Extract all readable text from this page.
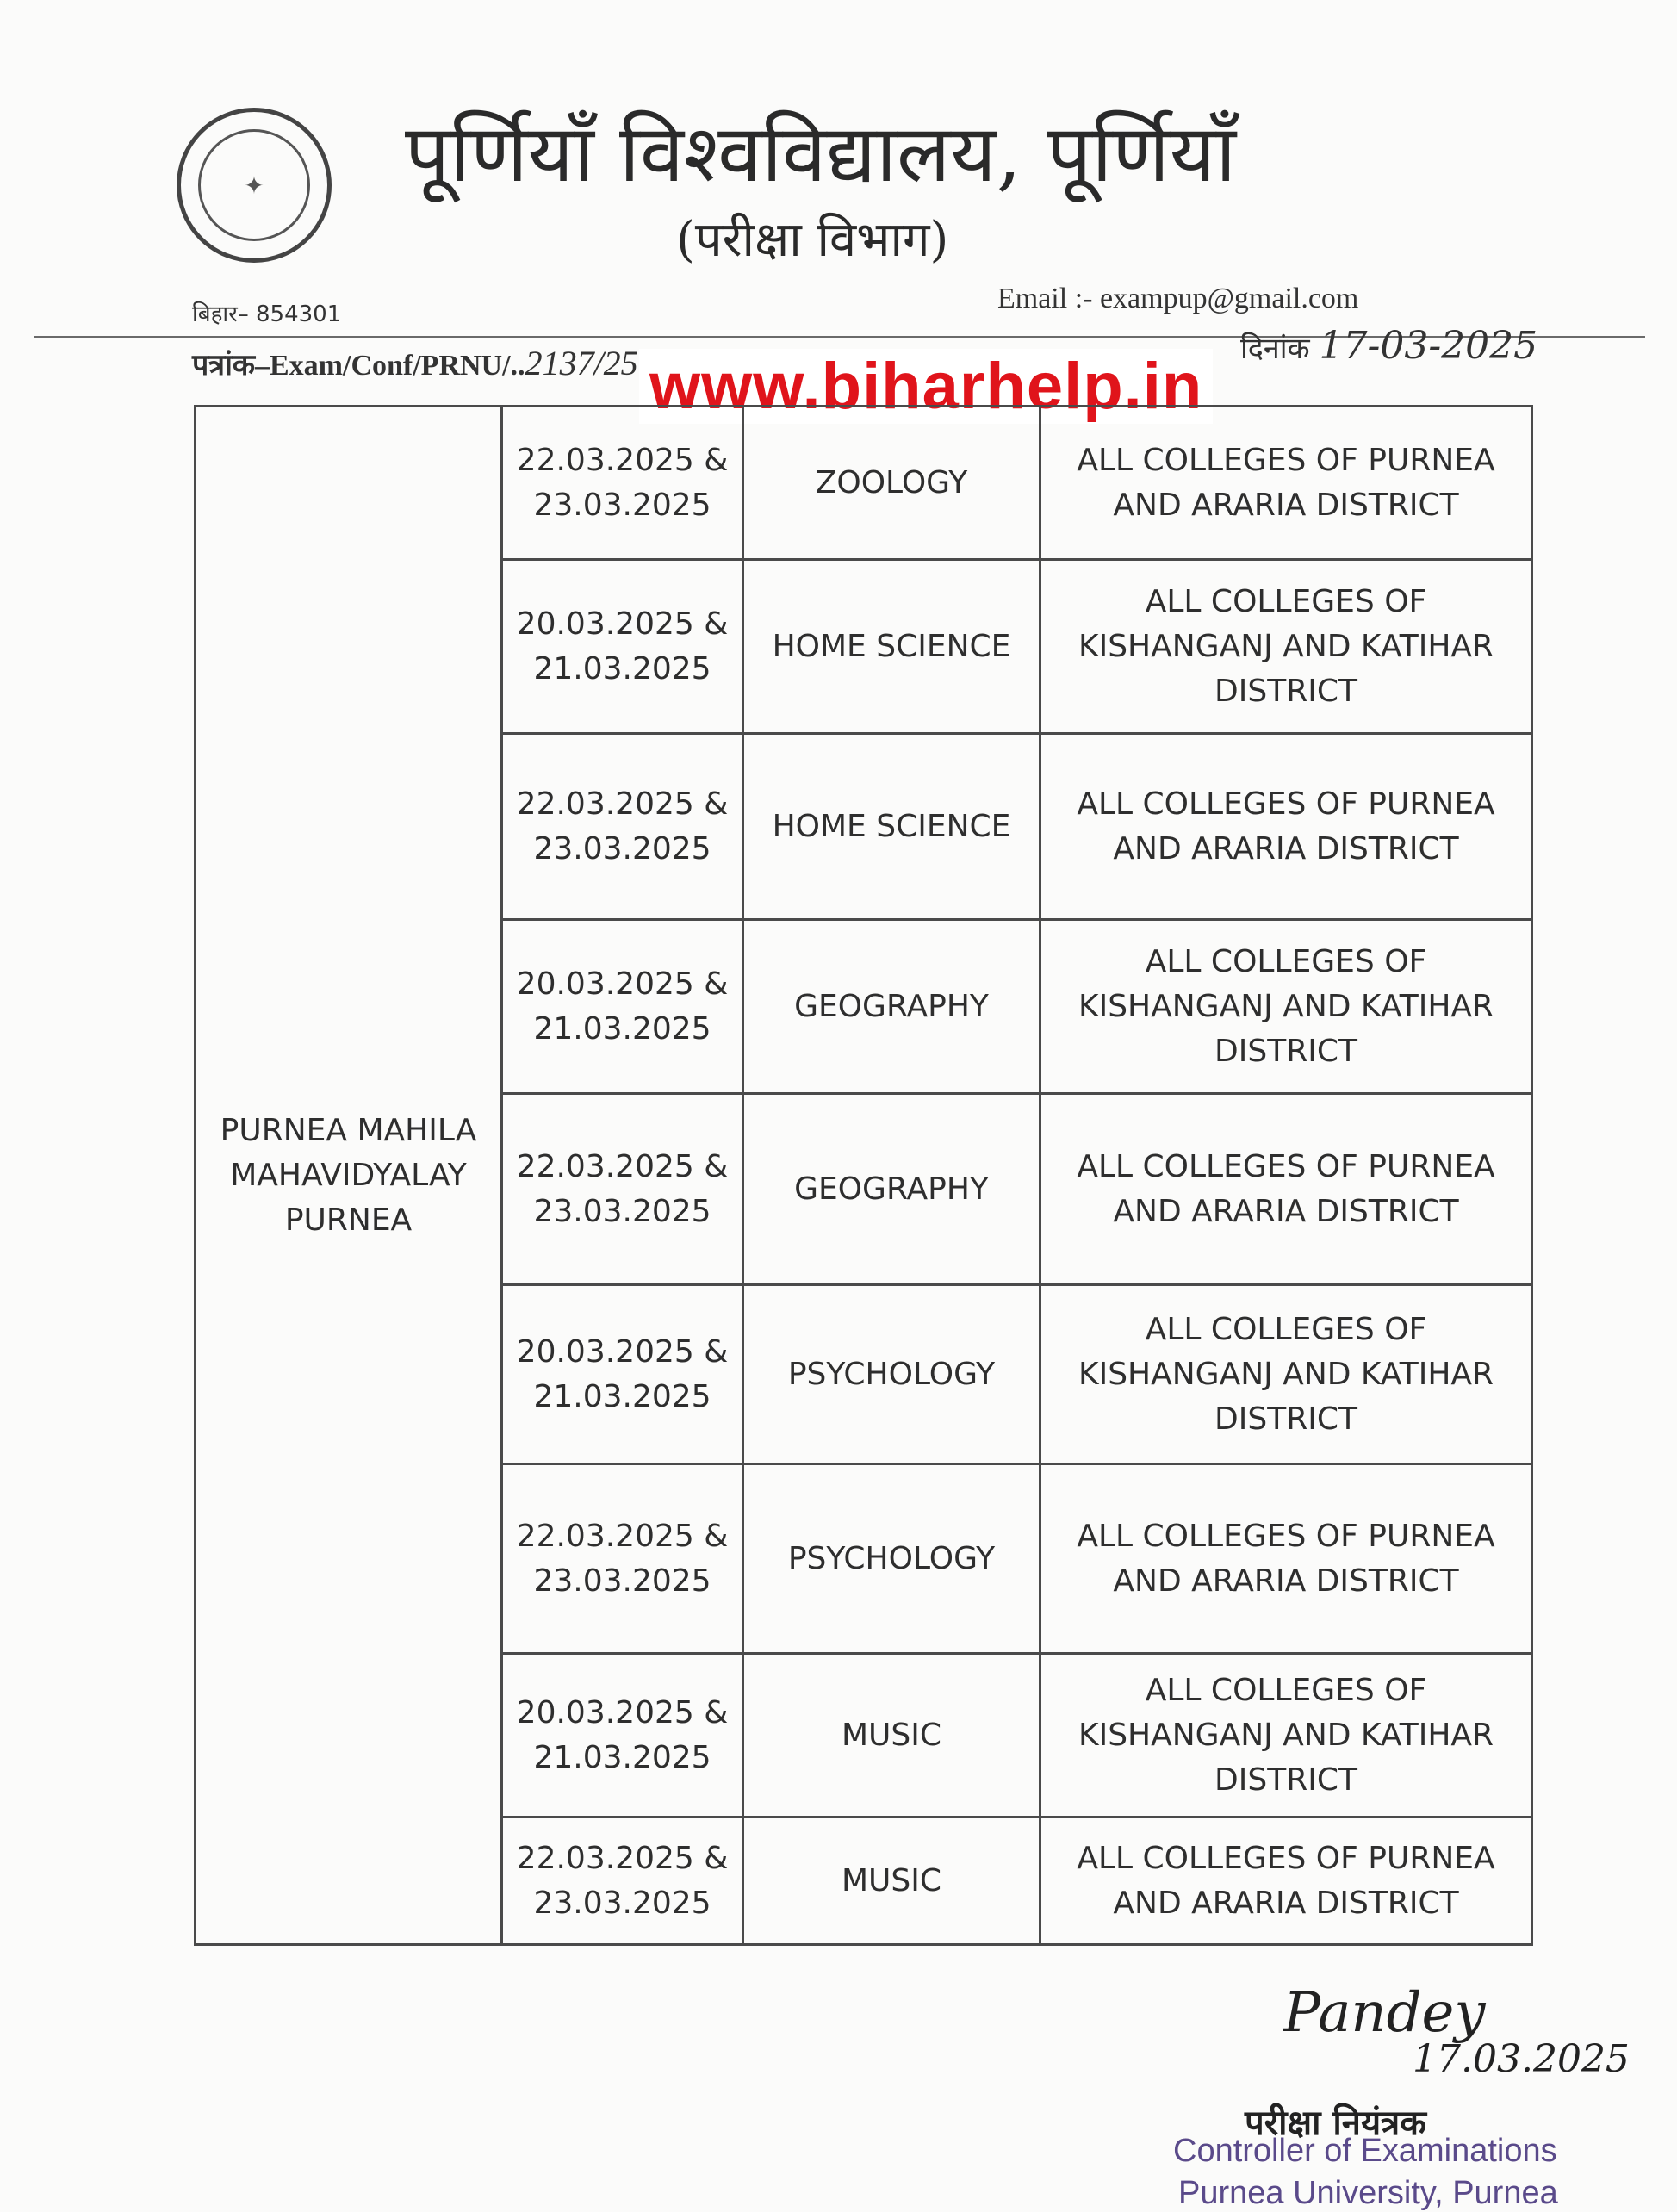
✦	पूर्णियाँ विश्वविद्यालय, पूर्णियाँ
(परीक्षा विभाग)
बिहार– 854301	Email :- exampup@gmail.com
पत्रांक–Exam/Conf/PRNU/..2137/25	दिनांक 17-03-2025
www.biharhelp.in
PURNEA MAHILA MAHAVIDYALAY PURNEA	22.03.2025 & 23.03.2025	ZOOLOGY	ALL COLLEGES OF PURNEA AND ARARIA DISTRICT
	20.03.2025 & 21.03.2025	HOME SCIENCE	ALL COLLEGES OF KISHANGANJ AND KATIHAR DISTRICT
	22.03.2025 & 23.03.2025	HOME SCIENCE	ALL COLLEGES OF PURNEA AND ARARIA DISTRICT
	20.03.2025 & 21.03.2025	GEOGRAPHY	ALL COLLEGES OF KISHANGANJ AND KATIHAR DISTRICT
	22.03.2025 & 23.03.2025	GEOGRAPHY	ALL COLLEGES OF PURNEA AND ARARIA DISTRICT
	20.03.2025 & 21.03.2025	PSYCHOLOGY	ALL COLLEGES OF KISHANGANJ AND KATIHAR DISTRICT
	22.03.2025 & 23.03.2025	PSYCHOLOGY	ALL COLLEGES OF PURNEA AND ARARIA DISTRICT
	20.03.2025 & 21.03.2025	MUSIC	ALL COLLEGES OF KISHANGANJ AND KATIHAR DISTRICT
	22.03.2025 & 23.03.2025	MUSIC	ALL COLLEGES OF PURNEA AND ARARIA DISTRICT
Pandey
17.03.2025
परीक्षा नियंत्रक
Controller of Examinations
Purnea University, Purnea
